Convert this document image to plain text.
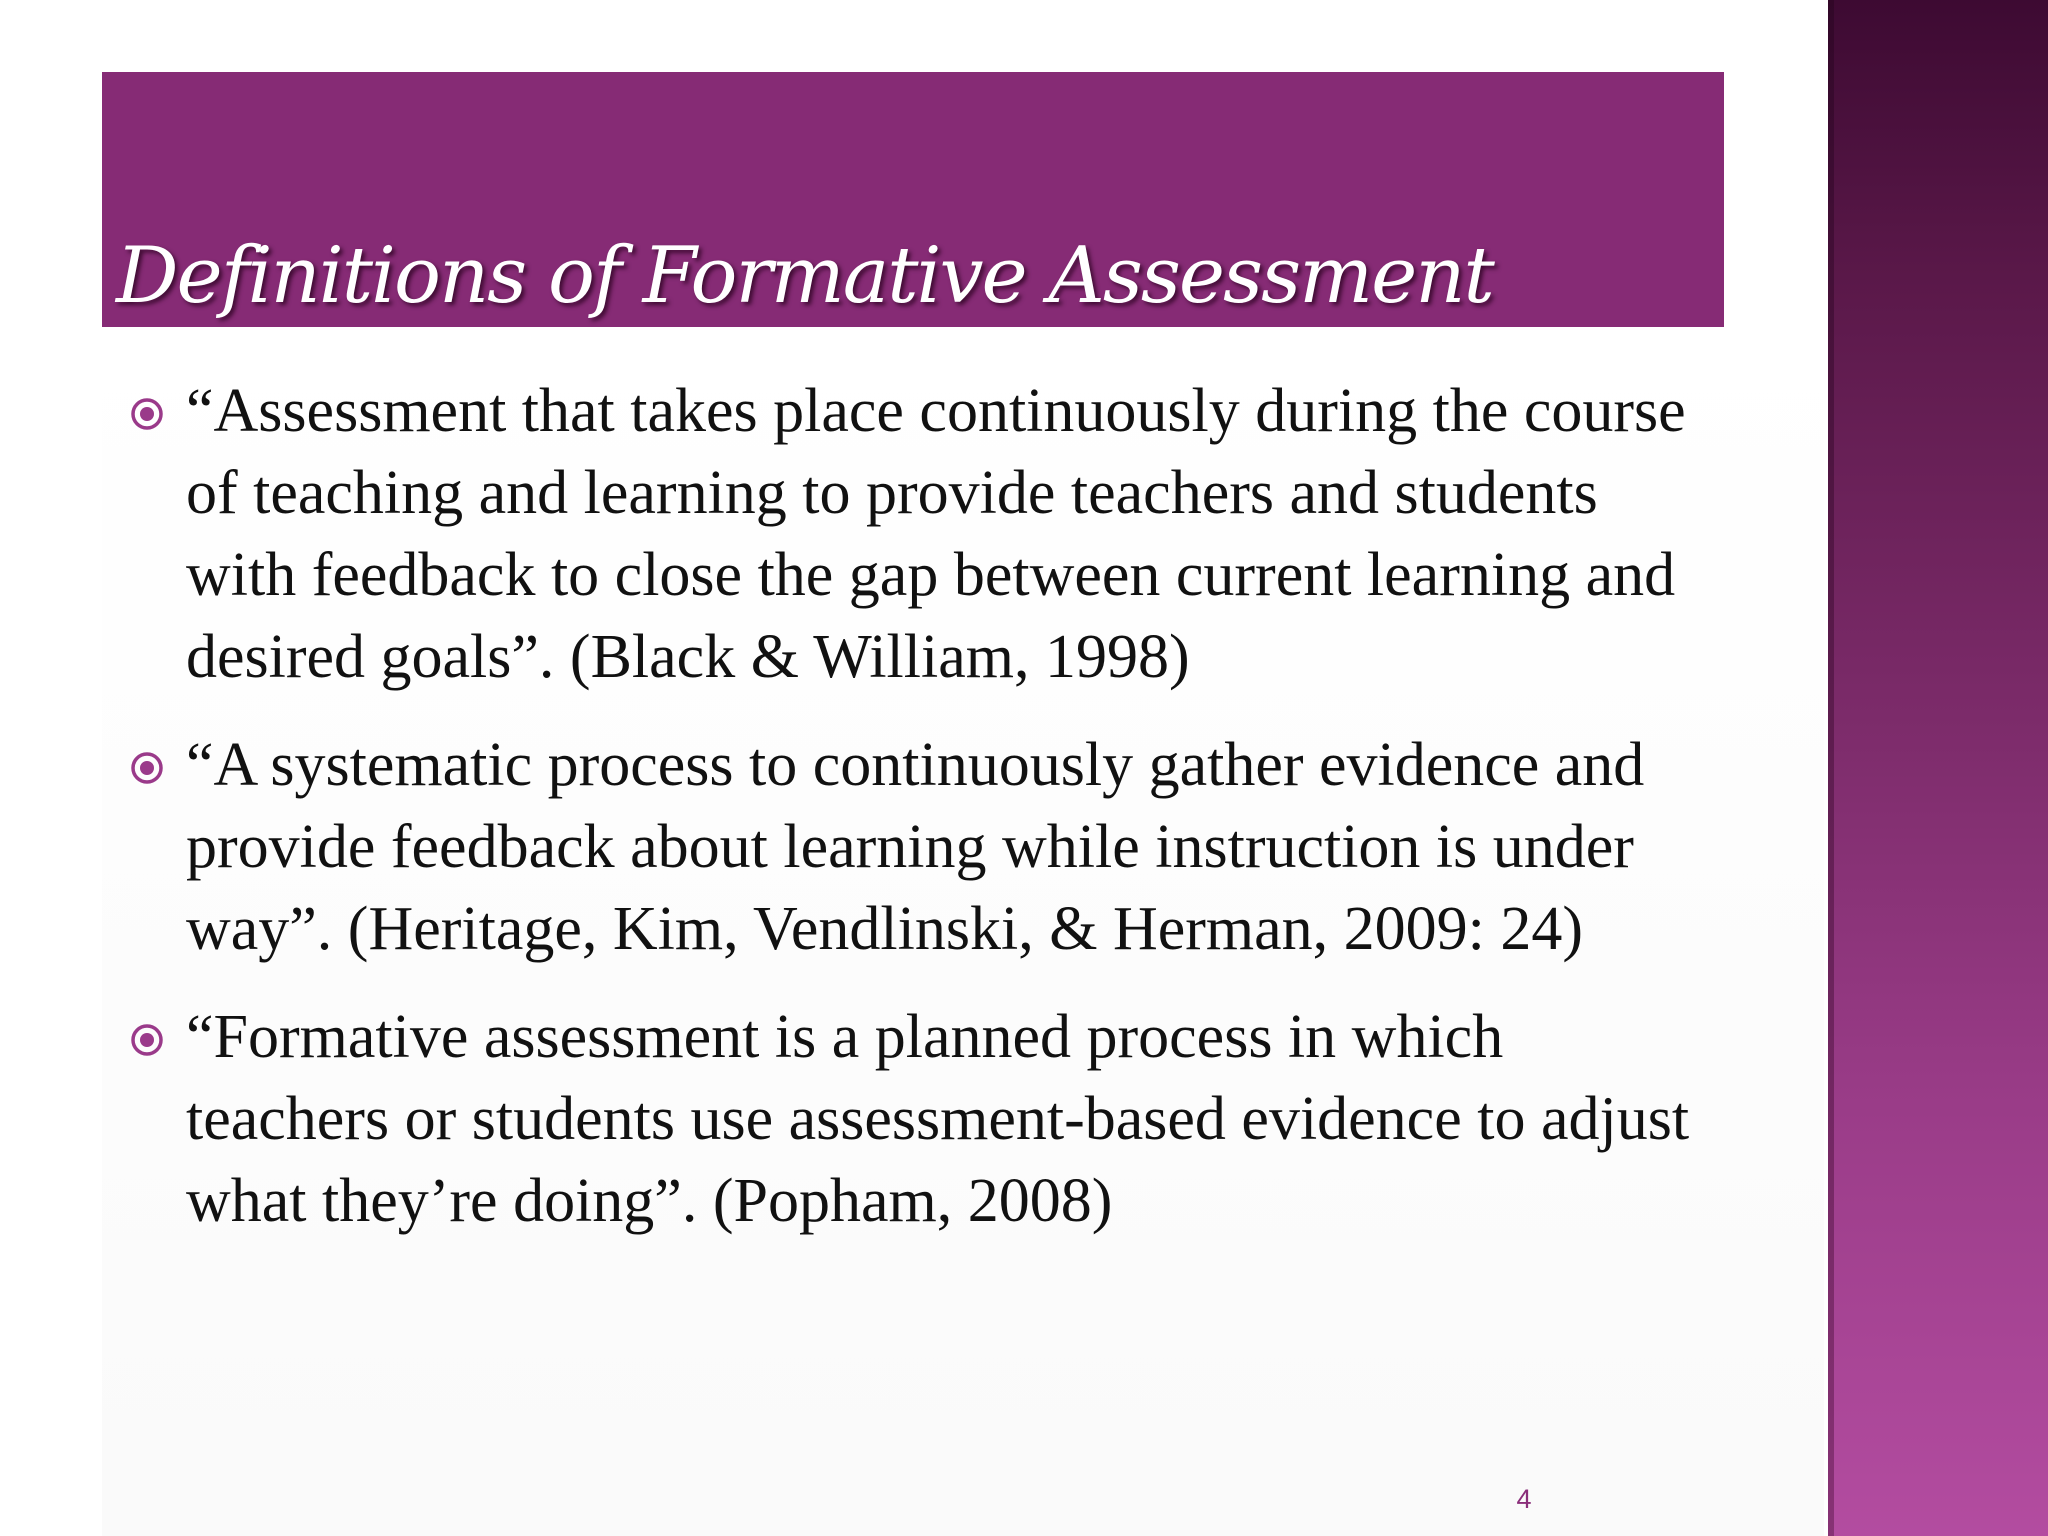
Definitions of Formative Assessment
“Assessment that takes place continuously during the course of teaching and learning to provide teachers and students with feedback to close the gap between current learning and desired goals”. (Black & William, 1998)
“A systematic process to continuously gather evidence and provide feedback about learning while instruction is under way”. (Heritage, Kim, Vendlinski, & Herman, 2009: 24)
“Formative assessment is a planned process in which teachers or students use assessment-based evidence to adjust what they’re doing”. (Popham, 2008)
4
